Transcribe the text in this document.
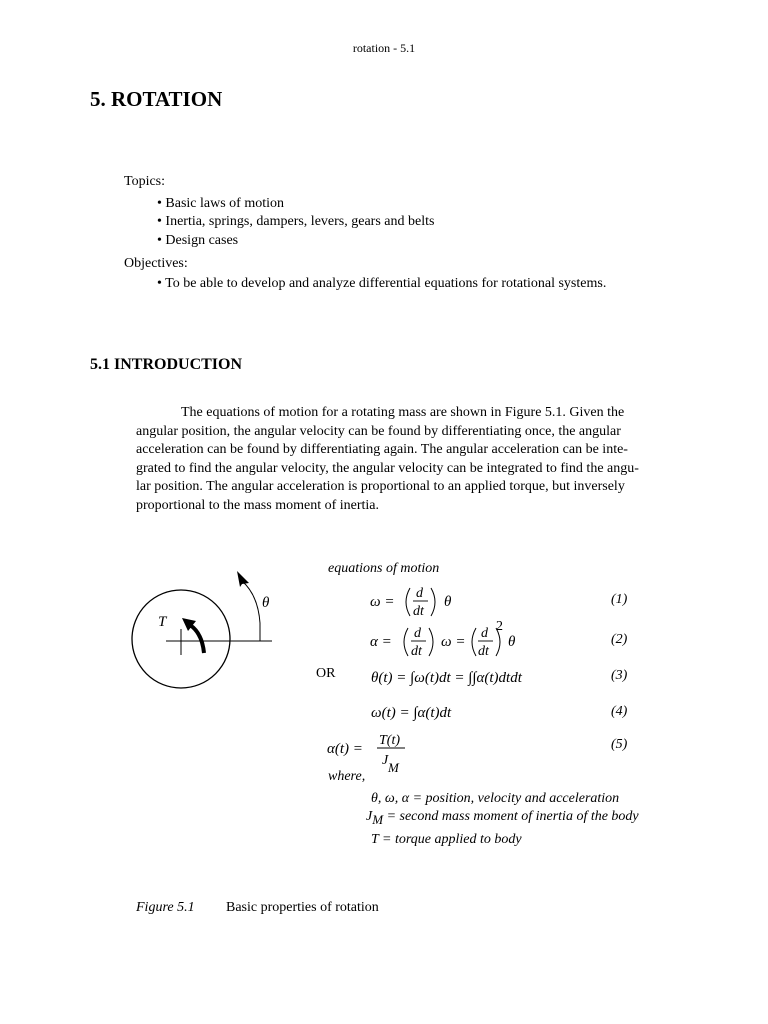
rotation - 5.1
5. ROTATION
Topics:
• Basic laws of motion
• Inertia, springs, dampers, levers, gears and belts
• Design cases
Objectives:
• To be able to develop and analyze differential equations for rotational systems.
5.1 INTRODUCTION
The equations of motion for a rotating mass are shown in Figure 5.1. Given the
angular position, the angular velocity can be found by differentiating once, the angular
acceleration can be found by differentiating again. The angular acceleration can be inte-
grated to find the angular velocity, the angular velocity can be integrated to find the angu-
lar position. The angular acceleration is proportional to an applied torque, but inversely
proportional to the mass moment of inertia.
T
θ
equations of motion
ω =
d
dt
θ	(1)
α =
d
dt
ω =
d
dt
2
θ	(2)
OR θ(t) = ∫ω(t)dt = ∫∫α(t)dtdt	(3)
ω(t) = ∫α(t)dt	(4)
α(t) =
T(t)
J M
(5)
where,
θ, ω, α = position, velocity and acceleration
$J_M$ = second mass moment of inertia of the body
T = torque applied to body
Figure 5.1 Basic properties of rotation
